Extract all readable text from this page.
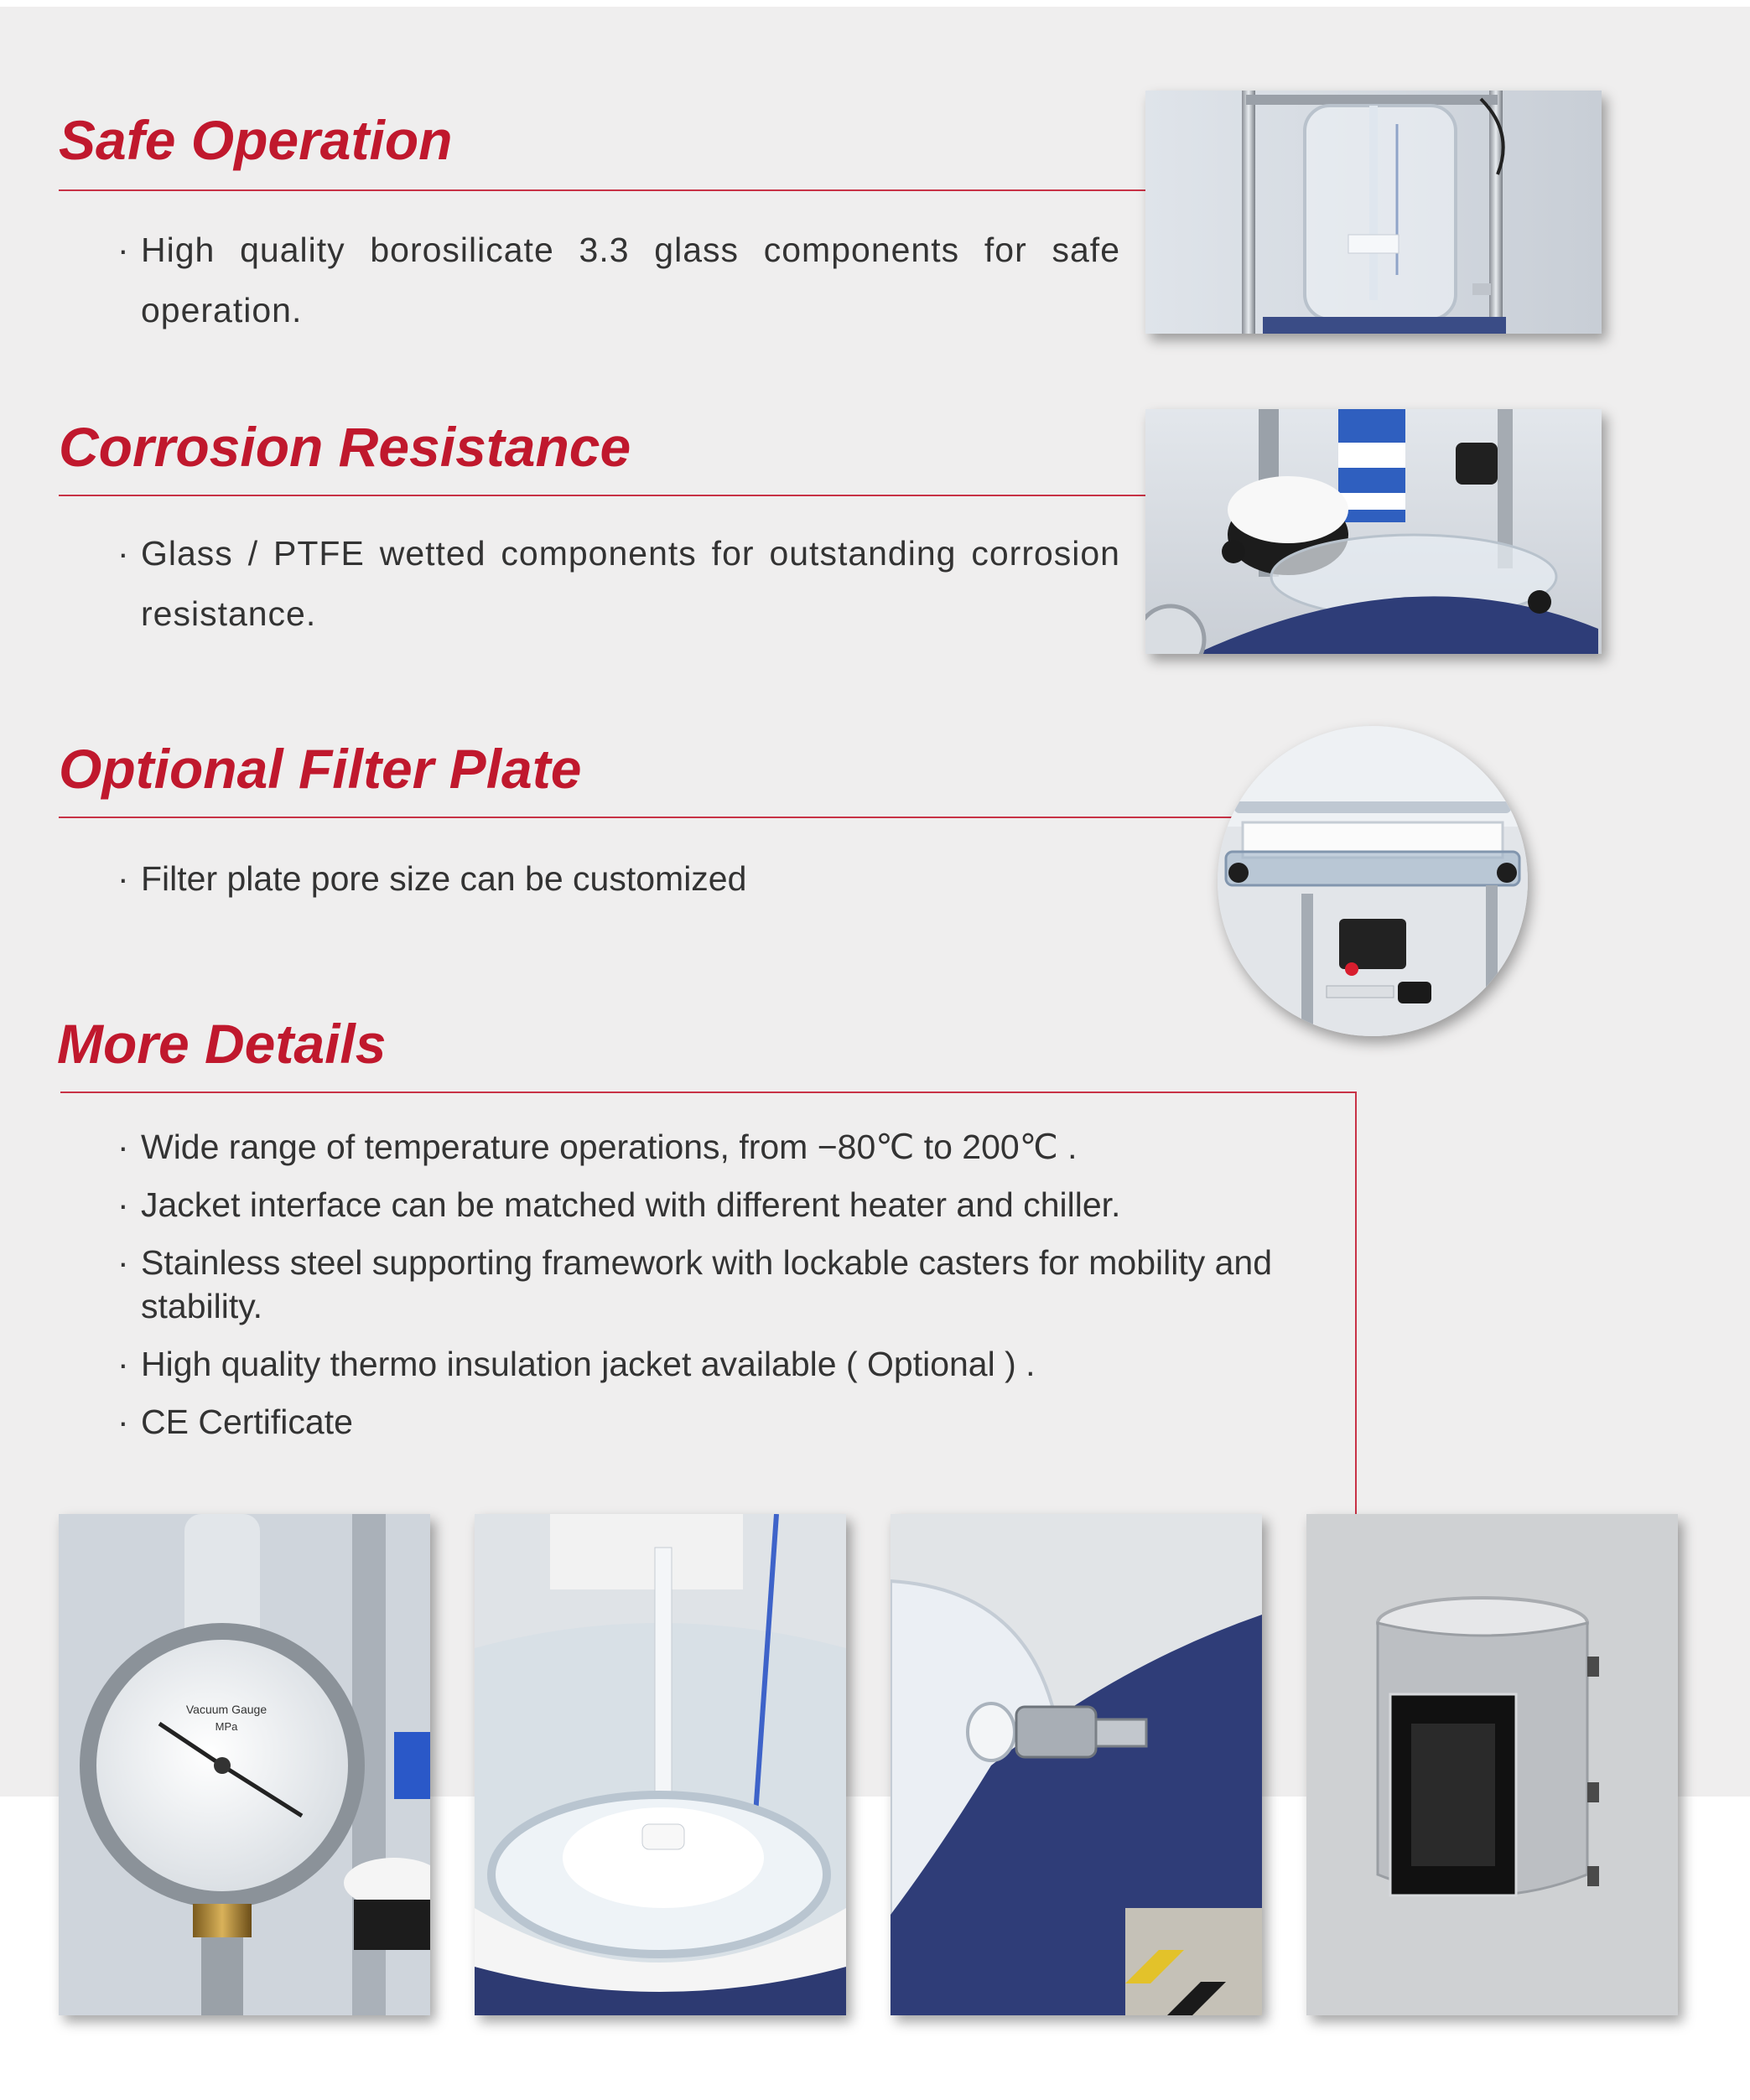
Safe Operation
· High quality borosilicate 3.3 glass components for safe operation.
Corrosion Resistance
· Glass / PTFE wetted components for outstanding corrosion resistance.
Optional Filter Plate
· Filter plate pore size can be customized
More Details
· Wide range of temperature operations, from −80℃ to 200℃ .
· Jacket interface can be matched with different heater and chiller.
· Stainless steel supporting framework with lockable casters for mobility and stability.
· High quality thermo insulation jacket available ( Optional ) .
· CE Certificate
Vacuum Gauge
MPa
